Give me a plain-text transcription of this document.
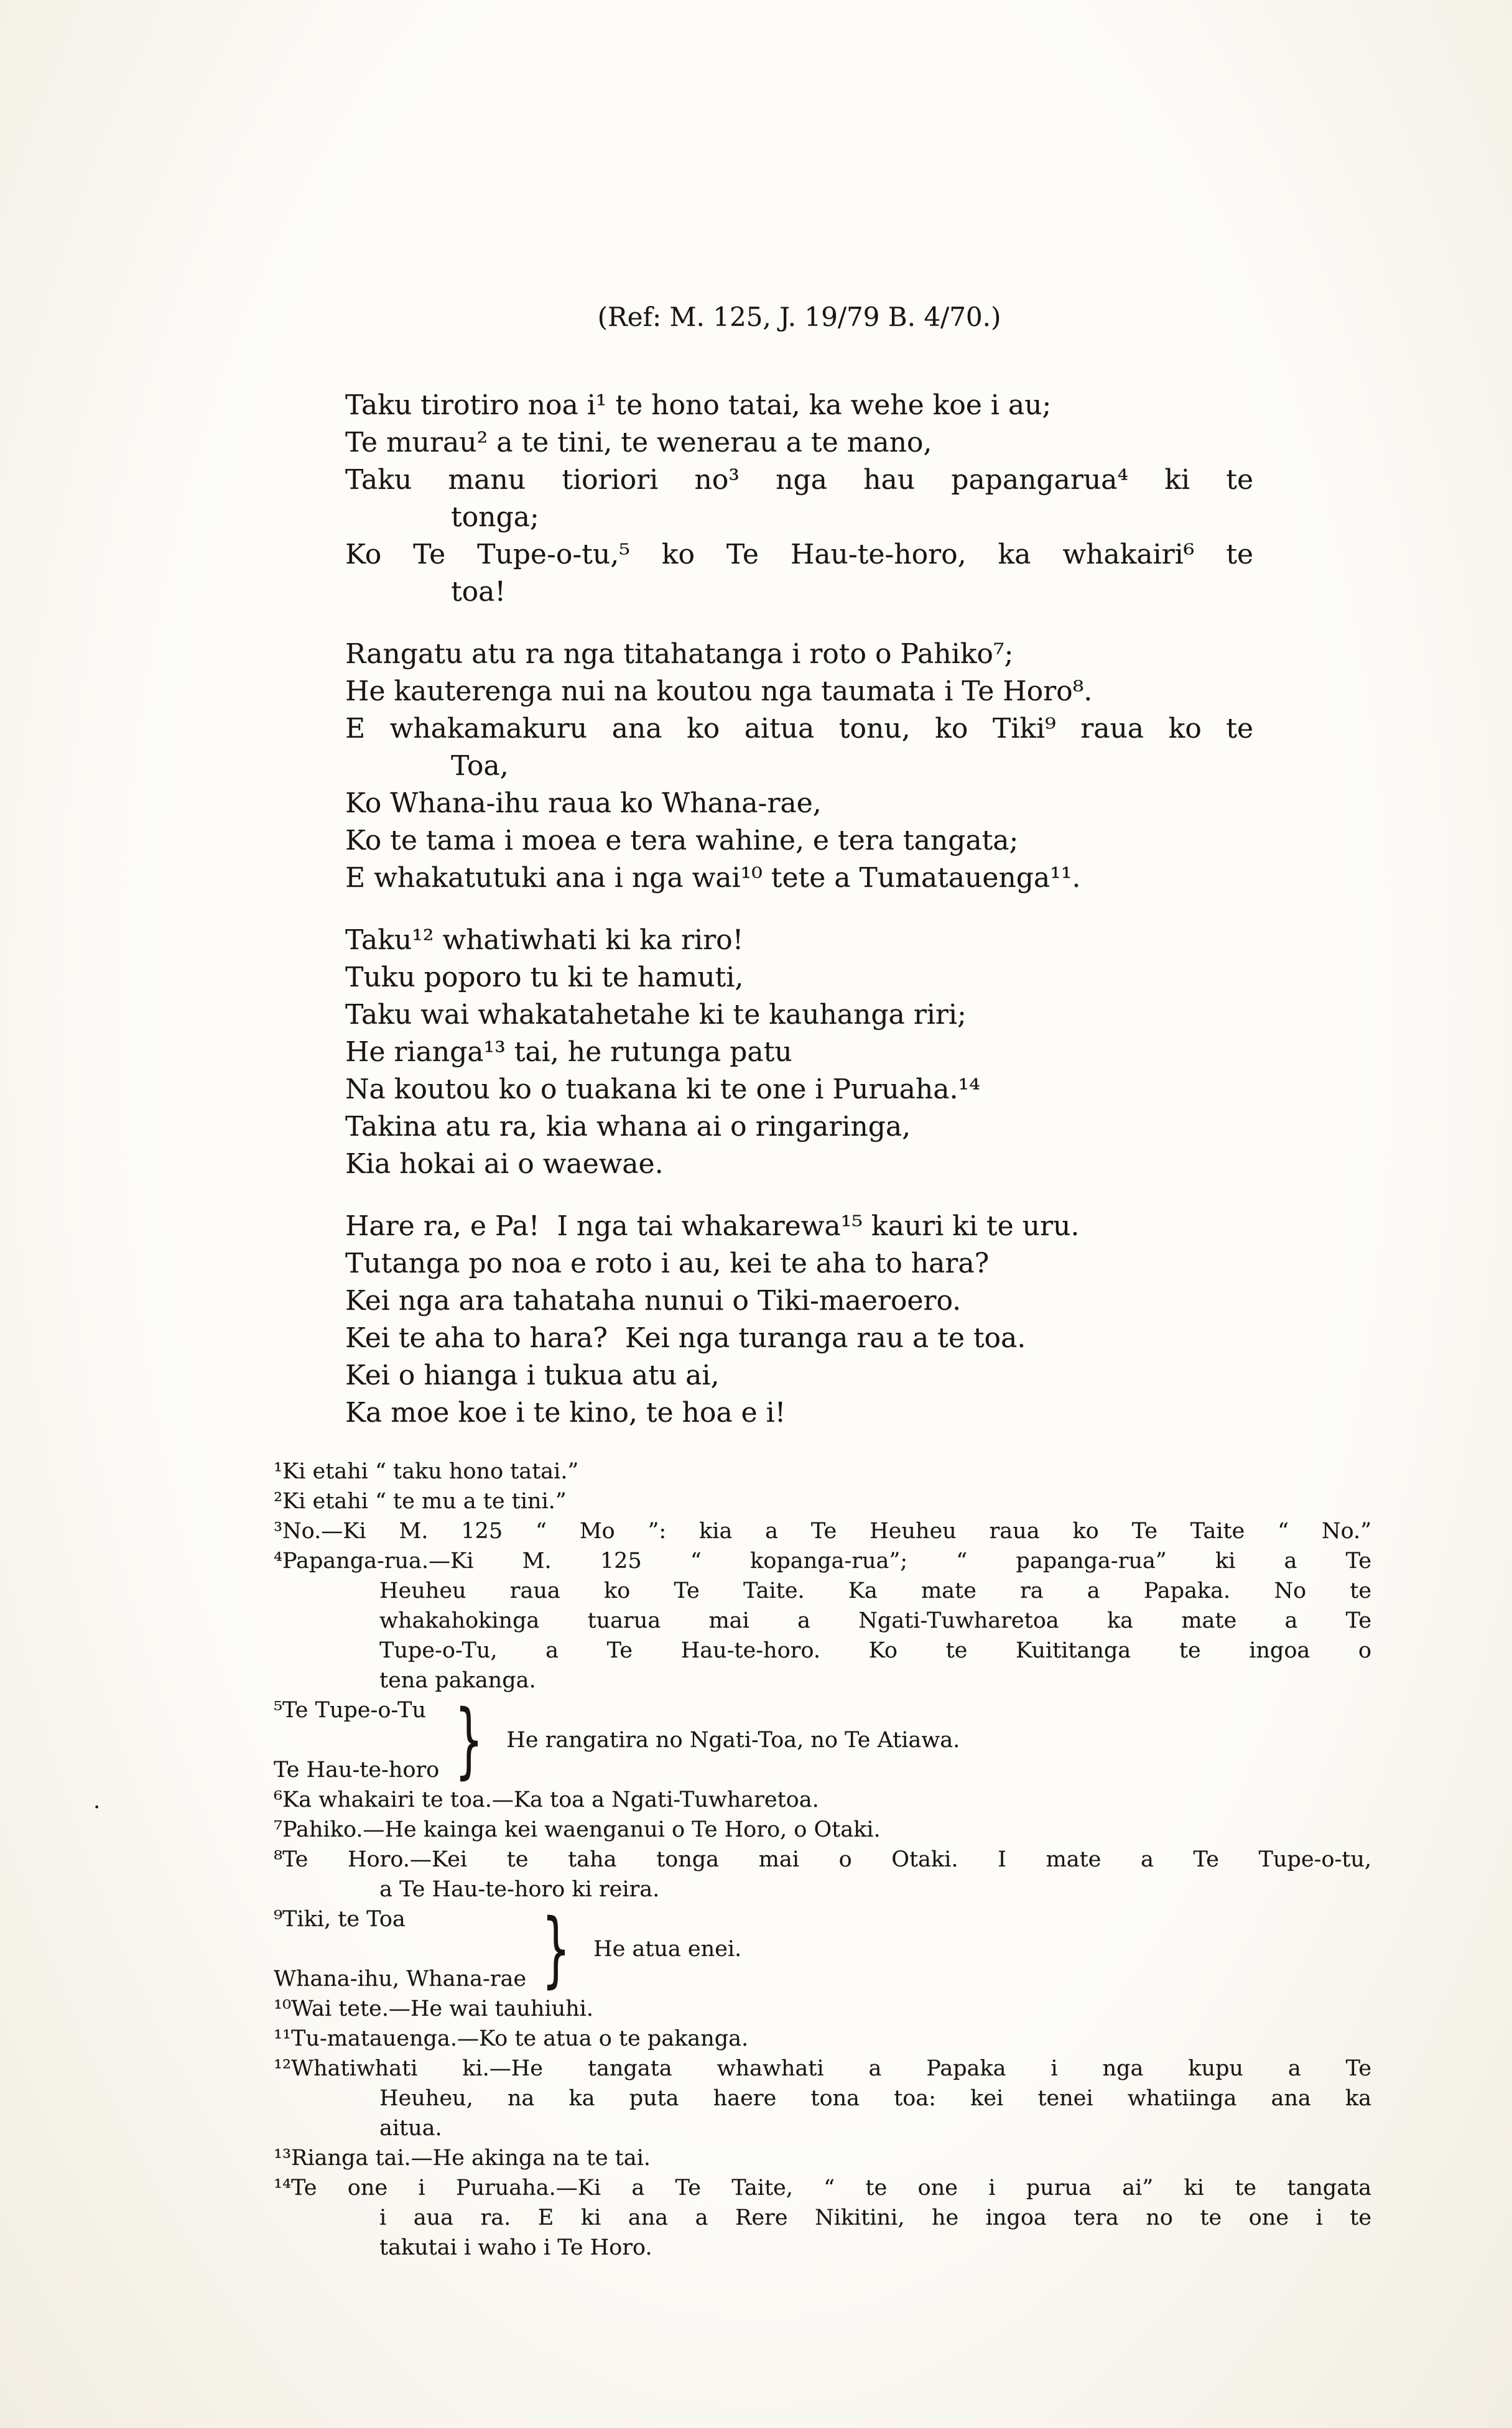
(Ref: M. 125, J. 19/79 B. 4/70.)
Taku tirotiro noa i¹ te hono tatai, ka wehe koe i au;
Te murau² a te tini, te wenerau a te mano,
Taku manu tioriori no³ nga hau papangarua⁴ ki te
tonga;
Ko Te Tupe-o-tu,⁵ ko Te Hau-te-horo, ka whakairi⁶ te
toa!
Rangatu atu ra nga titahatanga i roto o Pahiko⁷;
He kauterenga nui na koutou nga taumata i Te Horo⁸.
E whakamakuru ana ko aitua tonu, ko Tiki⁹ raua ko te
Toa,
Ko Whana-ihu raua ko Whana-rae,
Ko te tama i moea e tera wahine, e tera tangata;
E whakatutuki ana i nga wai¹⁰ tete a Tumatauenga¹¹.
Taku¹² whatiwhati ki ka riro!
Tuku poporo tu ki te hamuti,
Taku wai whakatahetahe ki te kauhanga riri;
He rianga¹³ tai, he rutunga patu
Na koutou ko o tuakana ki te one i Puruaha.¹⁴
Takina atu ra, kia whana ai o ringaringa,
Kia hokai ai o waewae.
Hare ra, e Pa!  I nga tai whakarewa¹⁵ kauri ki te uru.
Tutanga po noa e roto i au, kei te aha to hara?
Kei nga ara tahataha nunui o Tiki-maeroero.
Kei te aha to hara?  Kei nga turanga rau a te toa.
Kei o hianga i tukua atu ai,
Ka moe koe i te kino, te hoa e i!
¹Ki etahi “ taku hono tatai.”
²Ki etahi “ te mu a te tini.”
³No.—Ki M. 125 “ Mo ”: kia a Te Heuheu raua ko Te Taite “ No.”
⁴Papanga-rua.—Ki M. 125 “ kopanga-rua”; “ papanga-rua” ki a Te
Heuheu raua ko Te Taite. Ka mate ra a Papaka. No te
whakahokinga tuarua mai a Ngati-Tuwharetoa ka mate a Te
Tupe-o-Tu, a Te Hau-te-horo. Ko te Kuititanga te ingoa o
tena pakanga.
⁵Te Tupe-o-Tu
Te Hau-te-horo } He rangatira no Ngati-Toa, no Te Atiawa.
⁶Ka whakairi te toa.—Ka toa a Ngati-Tuwharetoa.
⁷Pahiko.—He kainga kei waenganui o Te Horo, o Otaki.
⁸Te Horo.—Kei te taha tonga mai o Otaki. I mate a Te Tupe-o-tu,
a Te Hau-te-horo ki reira.
⁹Tiki, te Toa
Whana-ihu, Whana-rae } He atua enei.
¹⁰Wai tete.—He wai tauhiuhi.
¹¹Tu-matauenga.—Ko te atua o te pakanga.
¹²Whatiwhati ki.—He tangata whawhati a Papaka i nga kupu a Te
Heuheu, na ka puta haere tona toa: kei tenei whatiinga ana ka
aitua.
¹³Rianga tai.—He akinga na te tai.
¹⁴Te one i Puruaha.—Ki a Te Taite, “ te one i purua ai” ki te tangata
i aua ra. E ki ana a Rere Nikitini, he ingoa tera no te one i te
takutai i waho i Te Horo.
.
